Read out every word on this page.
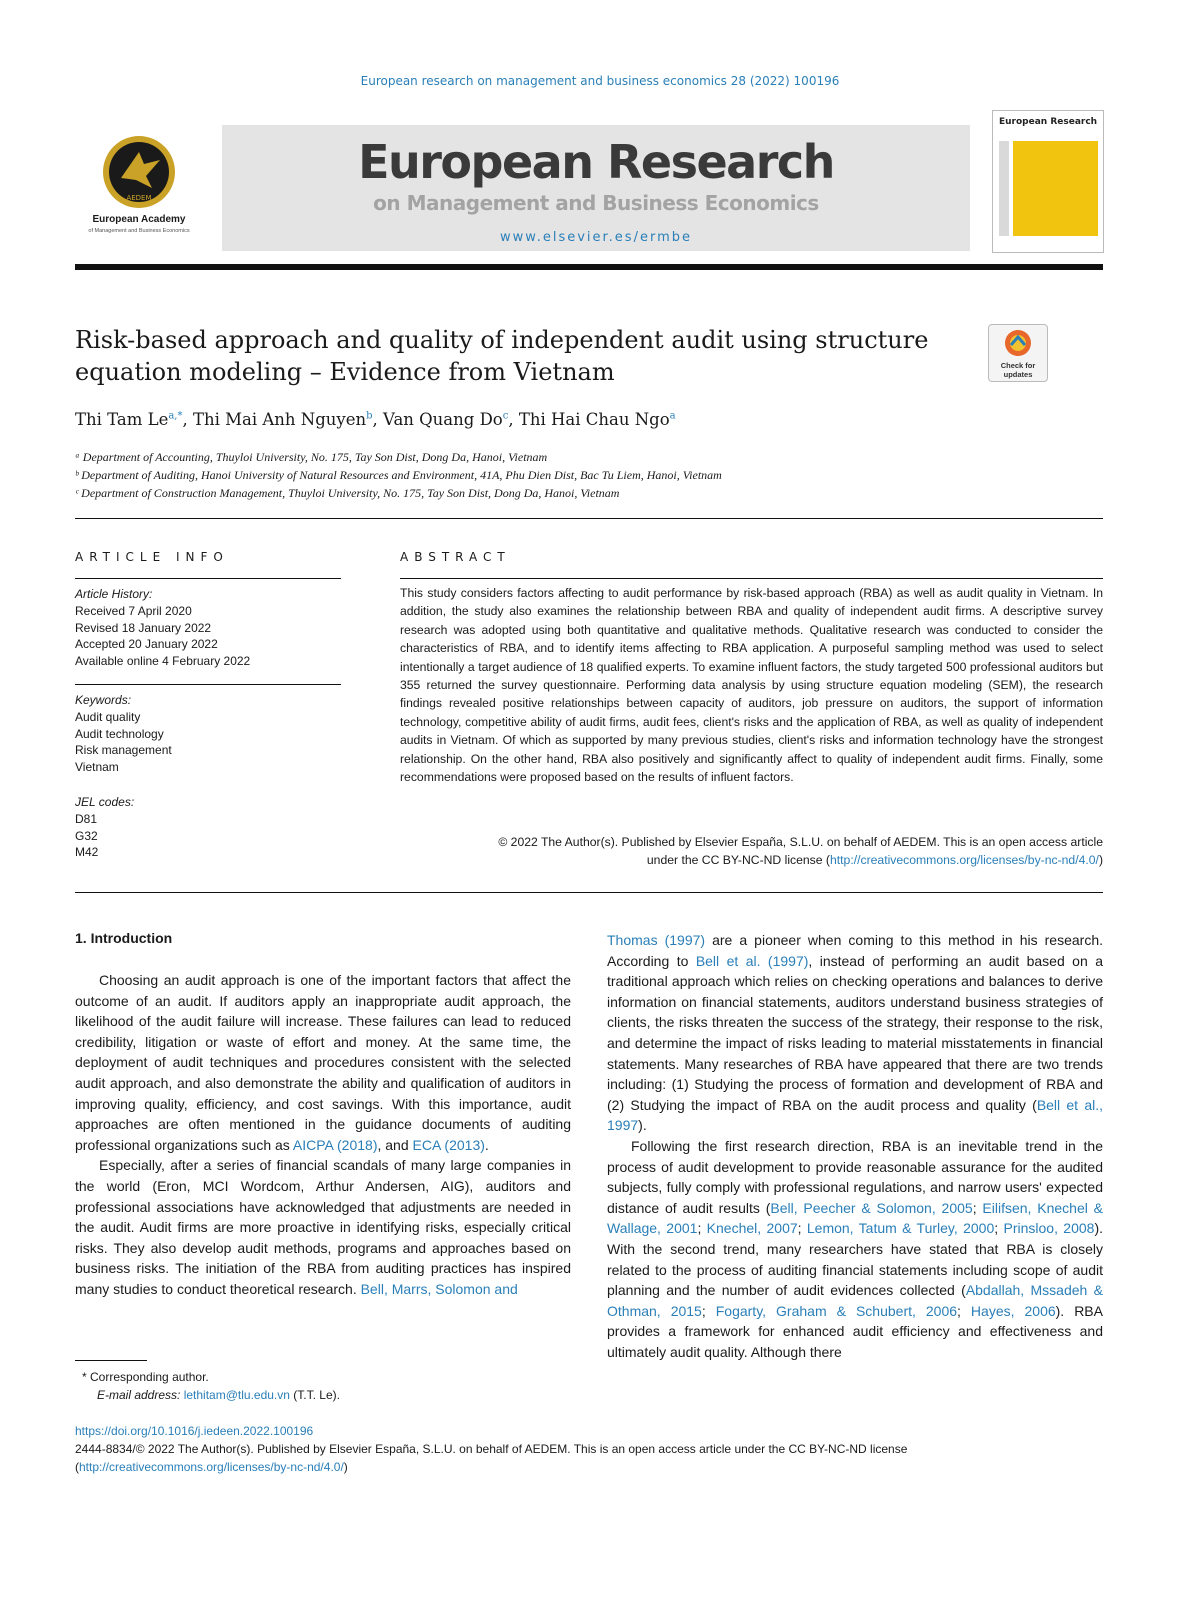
European research on management and business economics 28 (2022) 100196
AEDEM
European Academy
of Management and Business Economics
European Research
on Management and Business Economics
www.elsevier.es/ermbe
European Research
Risk-based approach and quality of independent audit using structure equation modeling – Evidence from Vietnam	Check for updates
Thi Tam $Le^{a,*}$, Thi Mai Anh Nguyen$^b$, Van Quang Do$^c$, Thi Hai Chau Ngo$^a$
ᵃ Department of Accounting, Thuyloi University, No. 175, Tay Son Dist, Dong Da, Hanoi, Vietnam
ᵇ Department of Auditing, Hanoi University of Natural Resources and Environment, 41A, Phu Dien Dist, Bac Tu Liem, Hanoi, Vietnam
ᶜ Department of Construction Management, Thuyloi University, No. 175, Tay Son Dist, Dong Da, Hanoi, Vietnam
ARTICLE INFO
Article History:
Received 7 April 2020
Revised 18 January 2022
Accepted 20 January 2022
Available online 4 February 2022
Keywords:
Audit quality
Audit technology
Risk management
Vietnam
JEL codes:
D81
G32
M42
ABSTRACT
This study considers factors affecting to audit performance by risk-based approach (RBA) as well as audit quality in Vietnam. In addition, the study also examines the relationship between RBA and quality of independent audit firms. A descriptive survey research was adopted using both quantitative and qualitative methods. Qualitative research was conducted to consider the characteristics of RBA, and to identify items affecting to RBA application. A purposeful sampling method was used to select intentionally a target audience of 18 qualified experts. To examine influent factors, the study targeted 500 professional auditors but 355 returned the survey questionnaire. Performing data analysis by using structure equation modeling (SEM), the research findings revealed positive relationships between capacity of auditors, job pressure on auditors, the support of information technology, competitive ability of audit firms, audit fees, client's risks and the application of RBA, as well as quality of independent audits in Vietnam. Of which as supported by many previous studies, client's risks and information technology have the strongest relationship. On the other hand, RBA also positively and significantly affect to quality of independent audit firms. Finally, some recommendations were proposed based on the results of influent factors.
© 2022 The Author(s). Published by Elsevier España, S.L.U. on behalf of AEDEM. This is an open access article
under the CC BY-NC-ND license (http://creativecommons.org/licenses/by-nc-nd/4.0/)
1. Introduction

Choosing an audit approach is one of the important factors that affect the outcome of an audit. If auditors apply an inappropriate audit approach, the likelihood of the audit failure will increase. These failures can lead to reduced credibility, litigation or waste of effort and money. At the same time, the deployment of audit techniques and procedures consistent with the selected audit approach, and also demonstrate the ability and qualification of auditors in improving quality, efficiency, and cost savings. With this importance, audit approaches are often mentioned in the guidance documents of auditing professional organizations such as AICPA (2018), and ECA (2013).

Especially, after a series of financial scandals of many large companies in the world (Eron, MCI Wordcom, Arthur Andersen, AIG), auditors and professional associations have acknowledged that adjustments are needed in the audit. Audit firms are more proactive in identifying risks, especially critical risks. They also develop audit methods, programs and approaches based on business risks. The initiation of the RBA from auditing practices has inspired many studies to conduct theoretical research. Bell, Marrs, Solomon and

Thomas (1997) are a pioneer when coming to this method in his research. According to Bell et al. (1997), instead of performing an audit based on a traditional approach which relies on checking operations and balances to derive information on financial statements, auditors understand business strategies of clients, the risks threaten the success of the strategy, their response to the risk, and determine the impact of risks leading to material misstatements in financial statements. Many researches of RBA have appeared that there are two trends including: (1) Studying the process of formation and development of RBA and (2) Studying the impact of RBA on the audit process and quality (Bell et al., 1997).

Following the first research direction, RBA is an inevitable trend in the process of audit development to provide reasonable assurance for the audited subjects, fully comply with professional regulations, and narrow users' expected distance of audit results (Bell, Peecher & Solomon, 2005; Eilifsen, Knechel & Wallage, 2001; Knechel, 2007; Lemon, Tatum & Turley, 2000; Prinsloo, 2008). With the second trend, many researchers have stated that RBA is closely related to the process of auditing financial statements including scope of audit planning and the number of audit evidences collected (Abdallah, Mssadeh & Othman, 2015; Fogarty, Graham & Schubert, 2006; Hayes, 2006). RBA provides a framework for enhanced audit efficiency and effectiveness and ultimately audit quality. Although there

* Corresponding author.
E-mail address: lethitam@tlu.edu.vn (T.T. Le).
https://doi.org/10.1016/j.iedeen.2022.100196
2444-8834/© 2022 The Author(s). Published by Elsevier España, S.L.U. on behalf of AEDEM. This is an open access article under the CC BY-NC-ND license
(http://creativecommons.org/licenses/by-nc-nd/4.0/)
